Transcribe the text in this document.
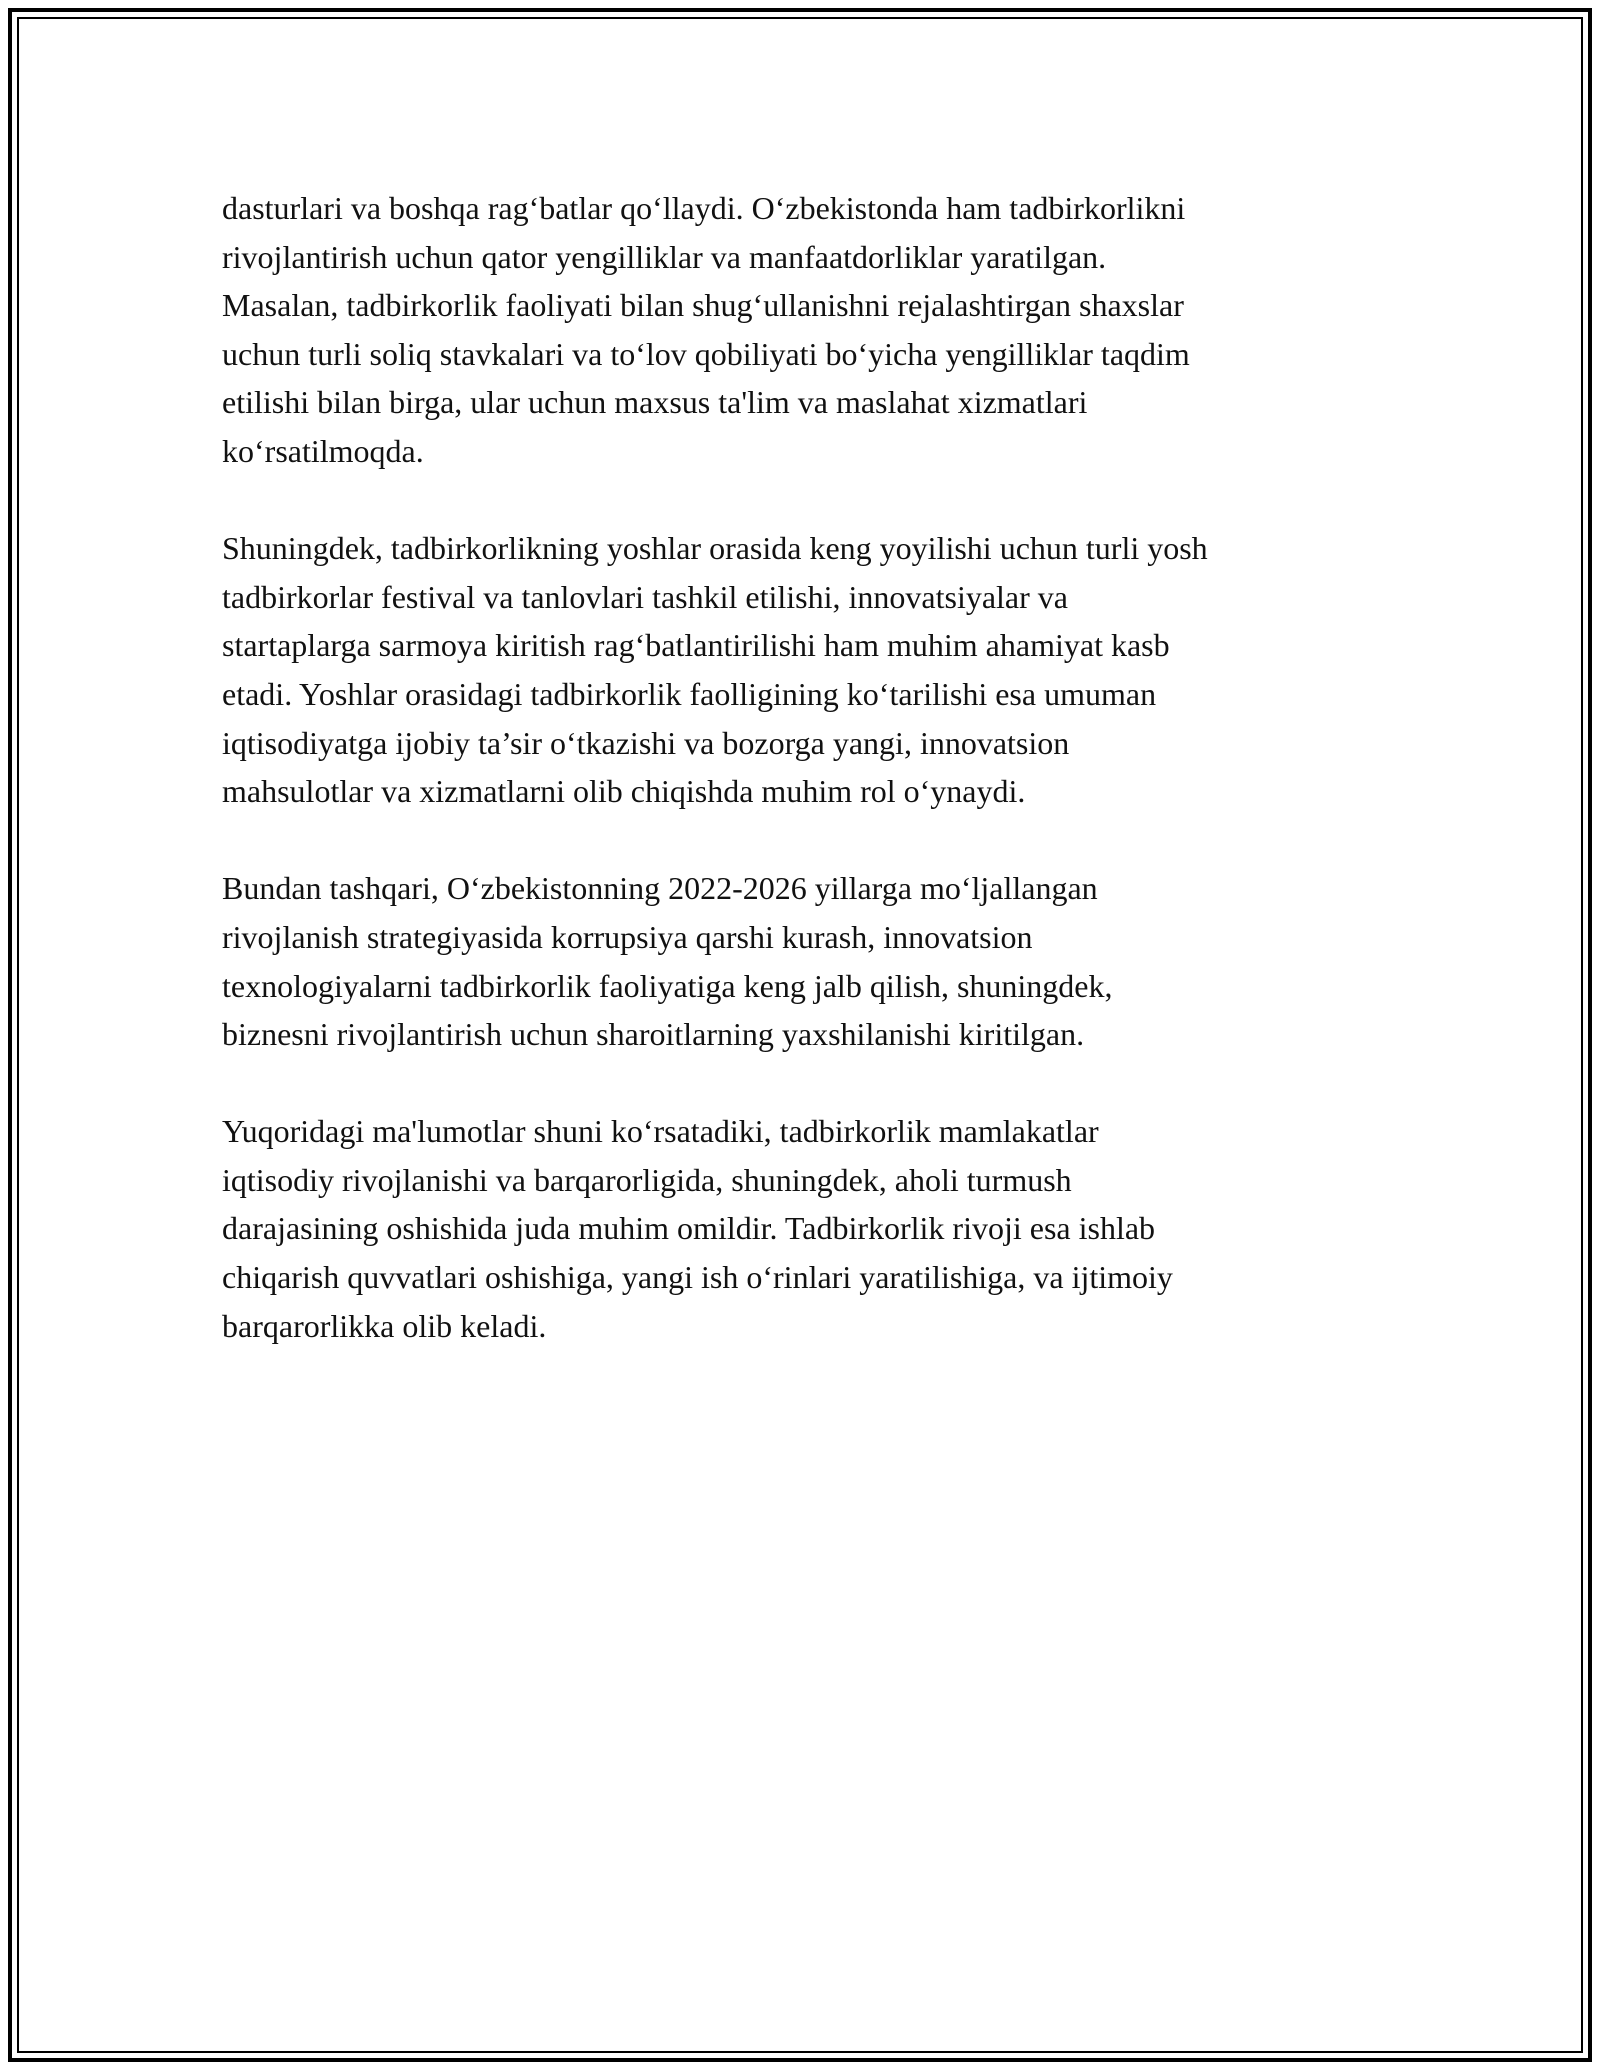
dasturlari va boshqa rag‘batlar qo‘llaydi. O‘zbekistonda ham tadbirkorlikni
rivojlantirish uchun qator yengilliklar va manfaatdorliklar yaratilgan.
Masalan, tadbirkorlik faoliyati bilan shug‘ullanishni rejalashtirgan shaxslar
uchun turli soliq stavkalari va to‘lov qobiliyati bo‘yicha yengilliklar taqdim
etilishi bilan birga, ular uchun maxsus ta'lim va maslahat xizmatlari
ko‘rsatilmoqda.

Shuningdek, tadbirkorlikning yoshlar orasida keng yoyilishi uchun turli yosh
tadbirkorlar festival va tanlovlari tashkil etilishi, innovatsiyalar va
startaplarga sarmoya kiritish rag‘batlantirilishi ham muhim ahamiyat kasb
etadi. Yoshlar orasidagi tadbirkorlik faolligining ko‘tarilishi esa umuman
iqtisodiyatga ijobiy ta’sir o‘tkazishi va bozorga yangi, innovatsion
mahsulotlar va xizmatlarni olib chiqishda muhim rol o‘ynaydi.

Bundan tashqari, O‘zbekistonning 2022-2026 yillarga mo‘ljallangan
rivojlanish strategiyasida korrupsiya qarshi kurash, innovatsion
texnologiyalarni tadbirkorlik faoliyatiga keng jalb qilish, shuningdek,
biznesni rivojlantirish uchun sharoitlarning yaxshilanishi kiritilgan.

Yuqoridagi ma'lumotlar shuni ko‘rsatadiki, tadbirkorlik mamlakatlar
iqtisodiy rivojlanishi va barqarorligida, shuningdek, aholi turmush
darajasining oshishida juda muhim omildir. Tadbirkorlik rivoji esa ishlab
chiqarish quvvatlari oshishiga, yangi ish o‘rinlari yaratilishiga, va ijtimoiy
barqarorlikka olib keladi.
